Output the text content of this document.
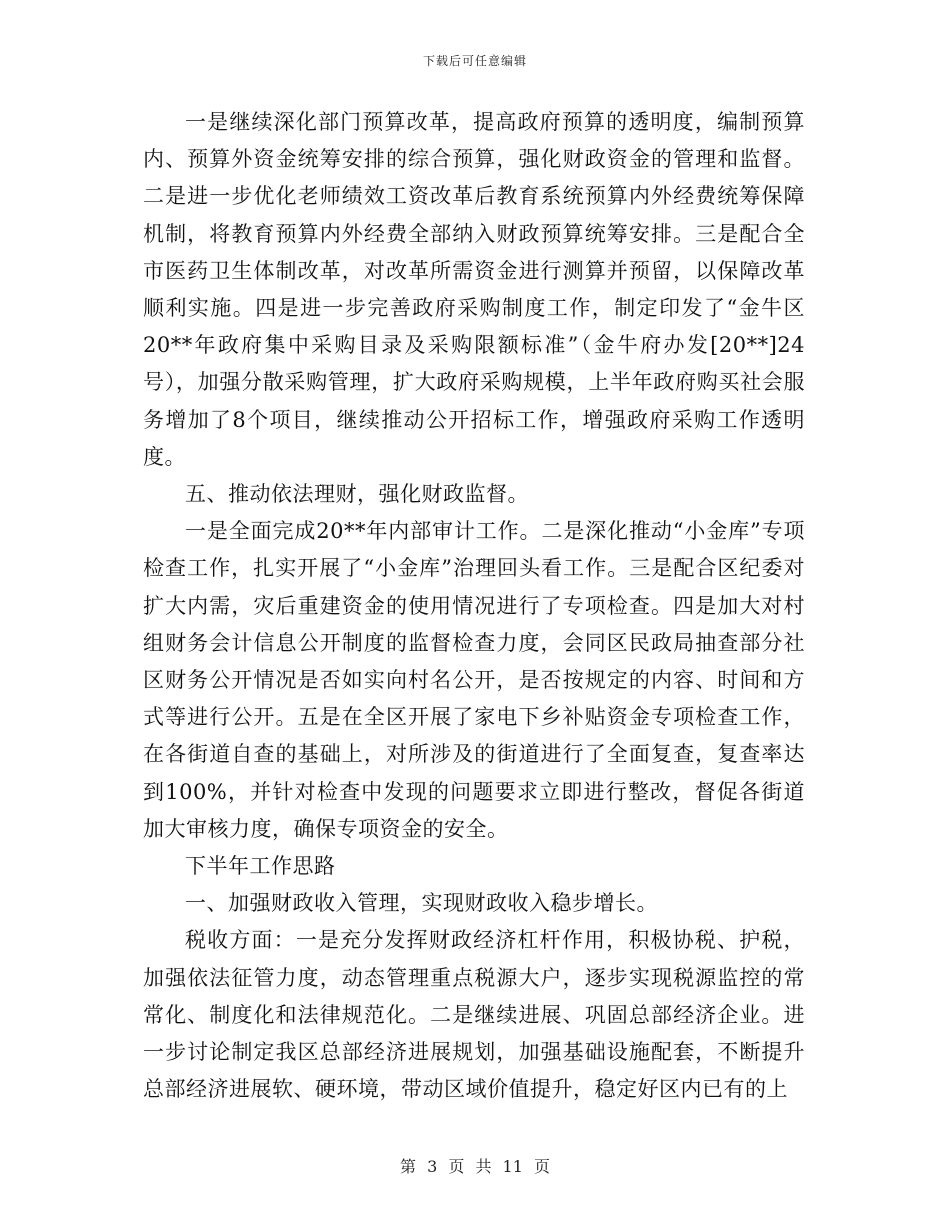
下载后可任意编辑

一是继续深化部门预算改革，提高政府预算的透明度，编制预算内、预算外资金统筹安排的综合预算，强化财政资金的管理和监督。二是进一步优化老师绩效工资改革后教育系统预算内外经费统筹保障机制，将教育预算内外经费全部纳入财政预算统筹安排。三是配合全市医药卫生体制改革，对改革所需资金进行测算并预留，以保障改革顺利实施。四是进一步完善政府采购制度工作，制定印发了“金牛区20**年政府集中采购目录及采购限额标准”（金牛府办发[20**]24号），加强分散采购管理，扩大政府采购规模，上半年政府购买社会服务增加了8个项目，继续推动公开招标工作，增强政府采购工作透明度。

五、推动依法理财，强化财政监督。

一是全面完成20**年内部审计工作。二是深化推动“小金库”专项检查工作，扎实开展了“小金库”治理回头看工作。三是配合区纪委对扩大内需，灾后重建资金的使用情况进行了专项检查。四是加大对村组财务会计信息公开制度的监督检查力度，会同区民政局抽查部分社区财务公开情况是否如实向村名公开，是否按规定的内容、时间和方式等进行公开。五是在全区开展了家电下乡补贴资金专项检查工作，在各街道自查的基础上，对所涉及的街道进行了全面复查，复查率达到100%，并针对检查中发现的问题要求立即进行整改，督促各街道加大审核力度，确保专项资金的安全。

下半年工作思路

一、加强财政收入管理，实现财政收入稳步增长。

税收方面：一是充分发挥财政经济杠杆作用，积极协税、护税，加强依法征管力度，动态管理重点税源大户，逐步实现税源监控的常常化、制度化和法律规范化。二是继续进展、巩固总部经济企业。进一步讨论制定我区总部经济进展规划，加强基础设施配套，不断提升总部经济进展软、硬环境，带动区域价值提升，稳定好区内已有的上

第 3 页 共 11 页
